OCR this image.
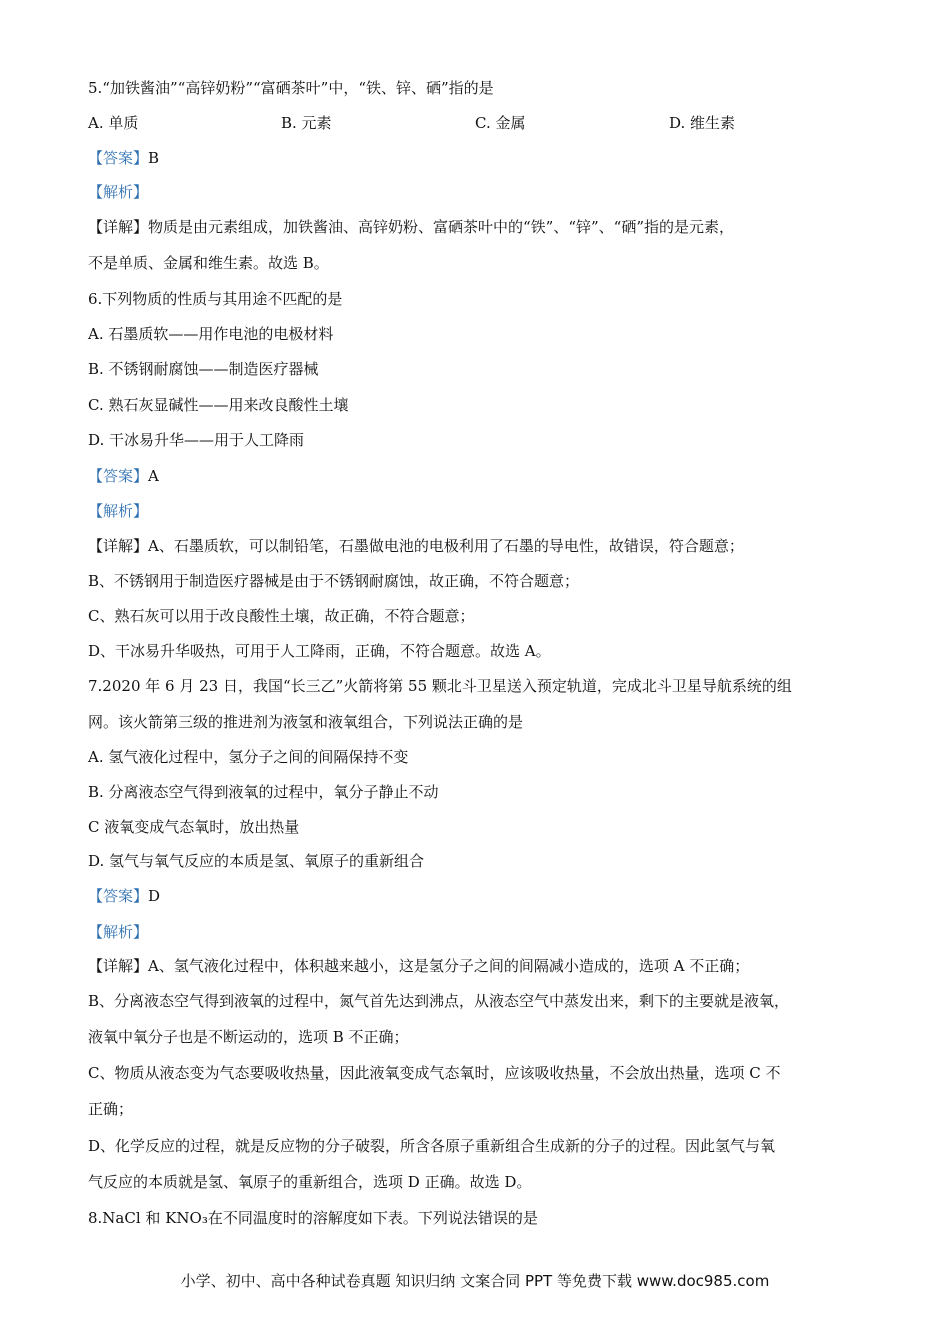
5.“加铁酱油”“高锌奶粉”“富硒茶叶”中，“铁、锌、硒”指的是
A. 单质	B. 元素	C. 金属	D. 维生素
【答案】B
【解析】
【详解】物质是由元素组成，加铁酱油、高锌奶粉、富硒茶叶中的“铁”、“锌”、“硒”指的是元素，
不是单质、金属和维生素。故选 B。
6.下列物质的性质与其用途不匹配的是
A. 石墨质软——用作电池的电极材料
B. 不锈钢耐腐蚀——制造医疗器械
C. 熟石灰显碱性——用来改良酸性土壤
D. 干冰易升华——用于人工降雨
【答案】A
【解析】
【详解】A、石墨质软，可以制铅笔，石墨做电池的电极利用了石墨的导电性，故错误，符合题意；
B、不锈钢用于制造医疗器械是由于不锈钢耐腐蚀，故正确，不符合题意；
C、熟石灰可以用于改良酸性土壤，故正确，不符合题意；
D、干冰易升华吸热，可用于人工降雨，正确，不符合题意。故选 A。
7.2020 年 6 月 23 日，我国“长三乙”火箭将第 55 颗北斗卫星送入预定轨道，完成北斗卫星导航系统的组
网。该火箭第三级的推进剂为液氢和液氧组合，下列说法正确的是
A. 氢气液化过程中，氢分子之间的间隔保持不变
B. 分离液态空气得到液氧的过程中，氧分子静止不动
C 液氧变成气态氧时，放出热量
D. 氢气与氧气反应的本质是氢、氧原子的重新组合
【答案】D
【解析】
【详解】A、氢气液化过程中，体积越来越小，这是氢分子之间的间隔减小造成的，选项 A 不正确；
B、分离液态空气得到液氧的过程中，氮气首先达到沸点，从液态空气中蒸发出来，剩下的主要就是液氧，
液氧中氧分子也是不断运动的，选项 B 不正确；
C、物质从液态变为气态要吸收热量，因此液氧变成气态氧时，应该吸收热量，不会放出热量，选项 C 不
正确；
D、化学反应的过程，就是反应物的分子破裂，所含各原子重新组合生成新的分子的过程。因此氢气与氧
气反应的本质就是氢、氧原子的重新组合，选项 D 正确。故选 D。
8.NaCl 和 KNO₃在不同温度时的溶解度如下表。下列说法错误的是
小学、初中、高中各种试卷真题 知识归纳 文案合同 PPT 等免费下载 www.doc985.com
